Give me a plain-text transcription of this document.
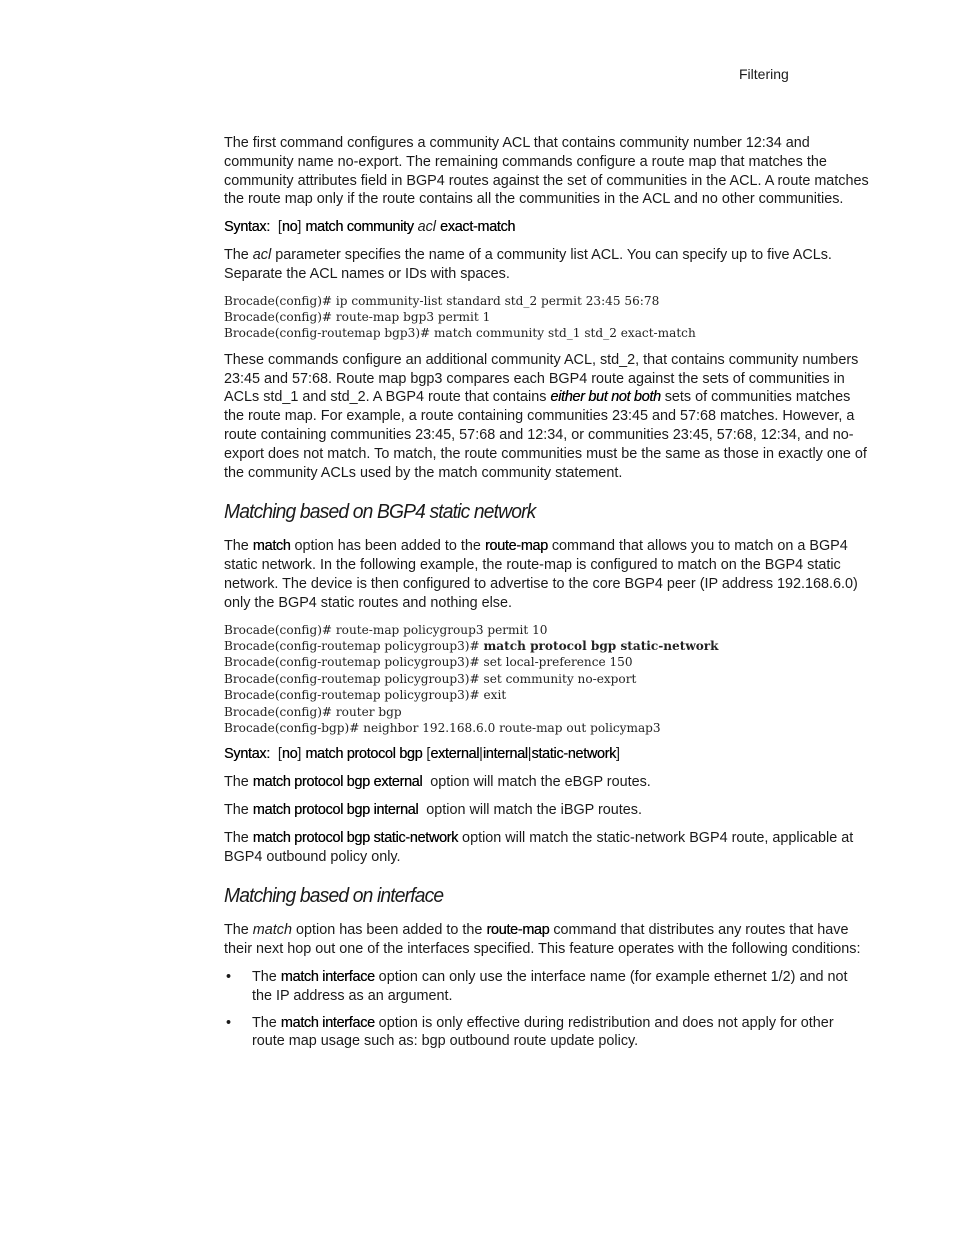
Filtering

The first command configures a community ACL that contains community number 12:34 and community name no-export. The remaining commands configure a route map that matches the community attributes field in BGP4 routes against the set of communities in the ACL. A route matches the route map only if the route contains all the communities in the ACL and no other communities.

Syntax: [no] match community acl exact-match

The acl parameter specifies the name of a community list ACL. You can specify up to five ACLs. Separate the ACL names or IDs with spaces.

Brocade(config)# ip community-list standard std_2 permit 23:45 56:78
Brocade(config)# route-map bgp3 permit 1
Brocade(config-routemap bgp3)# match community std_1 std_2 exact-match

These commands configure an additional community ACL, std_2, that contains community numbers 23:45 and 57:68. Route map bgp3 compares each BGP4 route against the sets of communities in ACLs std_1 and std_2. A BGP4 route that contains either but not both sets of communities matches the route map. For example, a route containing communities 23:45 and 57:68 matches. However, a route containing communities 23:45, 57:68 and 12:34, or communities 23:45, 57:68, 12:34, and no-export does not match. To match, the route communities must be the same as those in exactly one of the community ACLs used by the match community statement.

Matching based on BGP4 static network

The match option has been added to the route-map command that allows you to match on a BGP4 static network. In the following example, the route-map is configured to match on the BGP4 static network. The device is then configured to advertise to the core BGP4 peer (IP address 192.168.6.0) only the BGP4 static routes and nothing else.

Brocade(config)# route-map policygroup3 permit 10
Brocade(config-routemap policygroup3)# match protocol bgp static-network
Brocade(config-routemap policygroup3)# set local-preference 150
Brocade(config-routemap policygroup3)# set community no-export
Brocade(config-routemap policygroup3)# exit
Brocade(config)# router bgp
Brocade(config-bgp)# neighbor 192.168.6.0 route-map out policymap3

Syntax: [no] match protocol bgp [external|internal|static-network]

The match protocol bgp external  option will match the eBGP routes.

The match protocol bgp internal  option will match the iBGP routes.

The match protocol bgp static-network option will match the static-network BGP4 route, applicable at BGP4 outbound policy only.

Matching based on interface

The match option has been added to the route-map command that distributes any routes that have their next hop out one of the interfaces specified. This feature operates with the following conditions:

• The match interface option can only use the interface name (for example ethernet 1/2) and not the IP address as an argument.
• The match interface option is only effective during redistribution and does not apply for other route map usage such as: bgp outbound route update policy.
